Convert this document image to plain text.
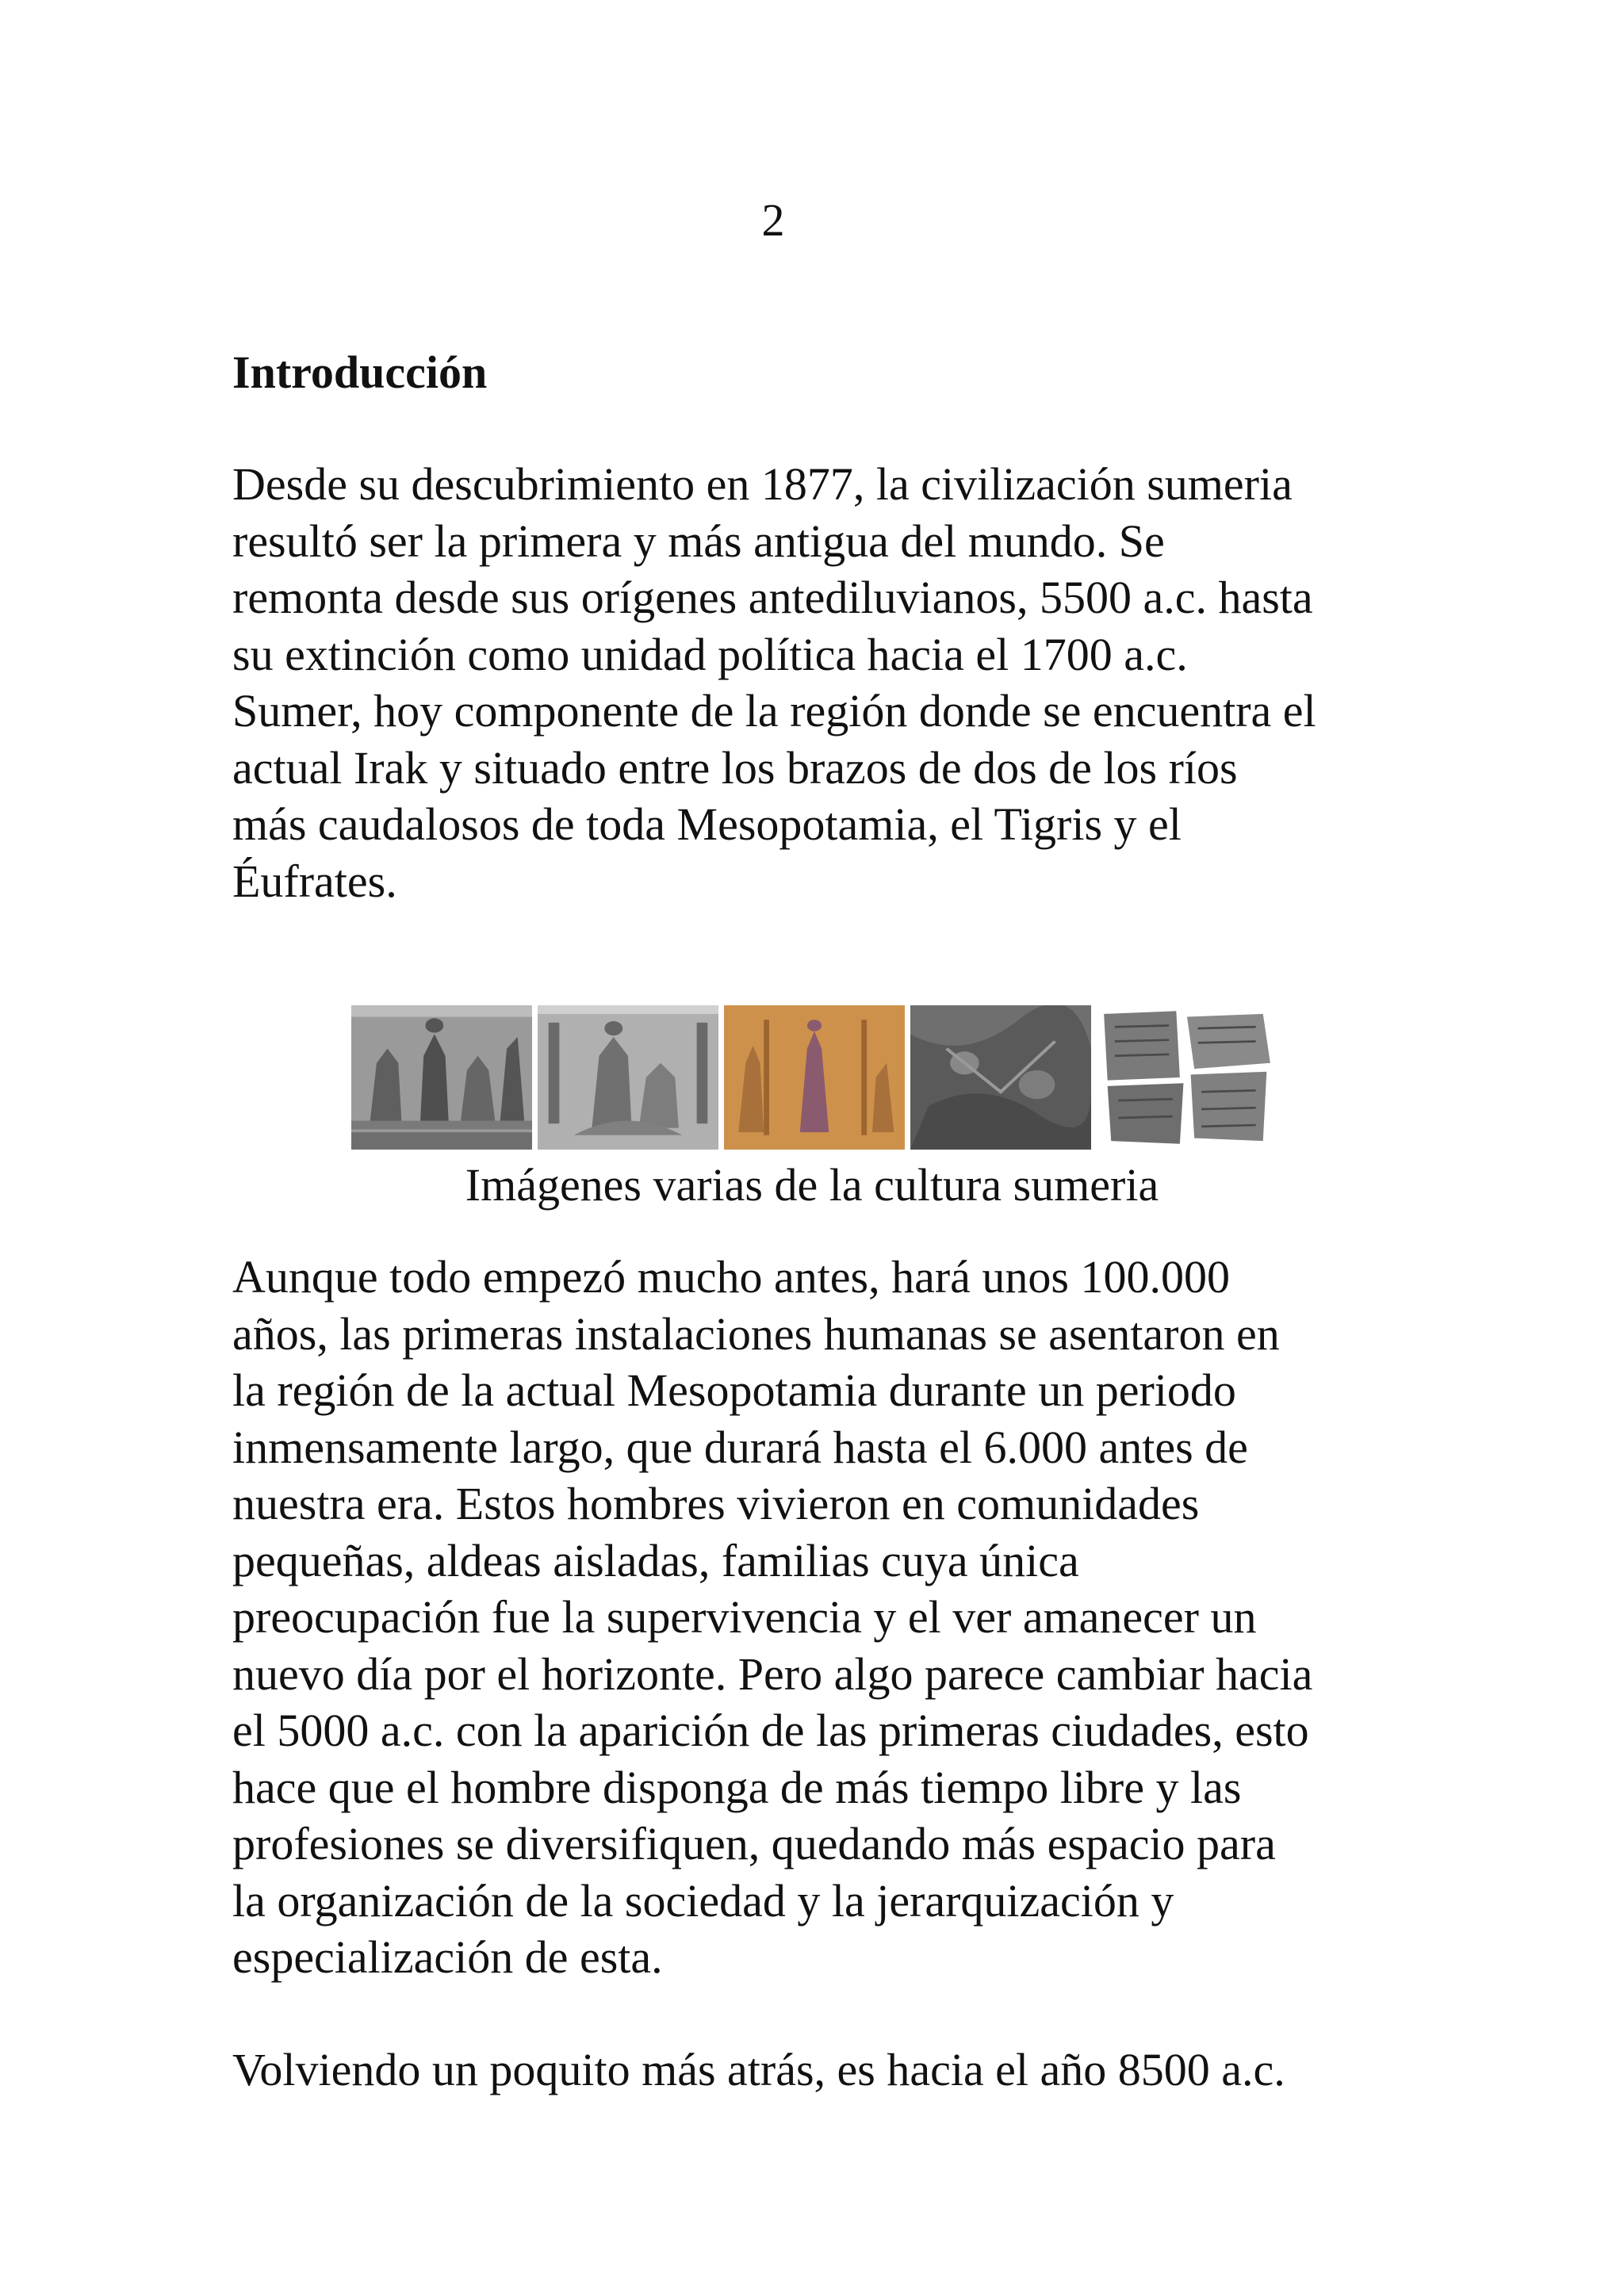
2
Introducción

Desde su descubrimiento en 1877, la civilización sumeria
resultó ser la primera y más antigua del mundo. Se
remonta desde sus orígenes antediluvianos, 5500 a.c. hasta
su extinción como unidad política hacia el 1700 a.c.
Sumer, hoy componente de la región donde se encuentra el
actual Irak y situado entre los brazos de dos de los ríos
más caudalosos de toda Mesopotamia, el Tigris y el
Éufrates.

Imágenes varias de la cultura sumeria

Aunque todo empezó mucho antes, hará unos 100.000
años, las primeras instalaciones humanas se asentaron en
la región de la actual Mesopotamia durante un periodo
inmensamente largo, que durará hasta el 6.000 antes de
nuestra era. Estos hombres vivieron en comunidades
pequeñas, aldeas aisladas, familias cuya única
preocupación fue la supervivencia y el ver amanecer un
nuevo día por el horizonte. Pero algo parece cambiar hacia
el 5000 a.c. con la aparición de las primeras ciudades, esto
hace que el hombre disponga de más tiempo libre y las
profesiones se diversifiquen, quedando más espacio para
la organización de la sociedad y la jerarquización y
especialización de esta.

Volviendo un poquito más atrás, es hacia el año 8500 a.c.
